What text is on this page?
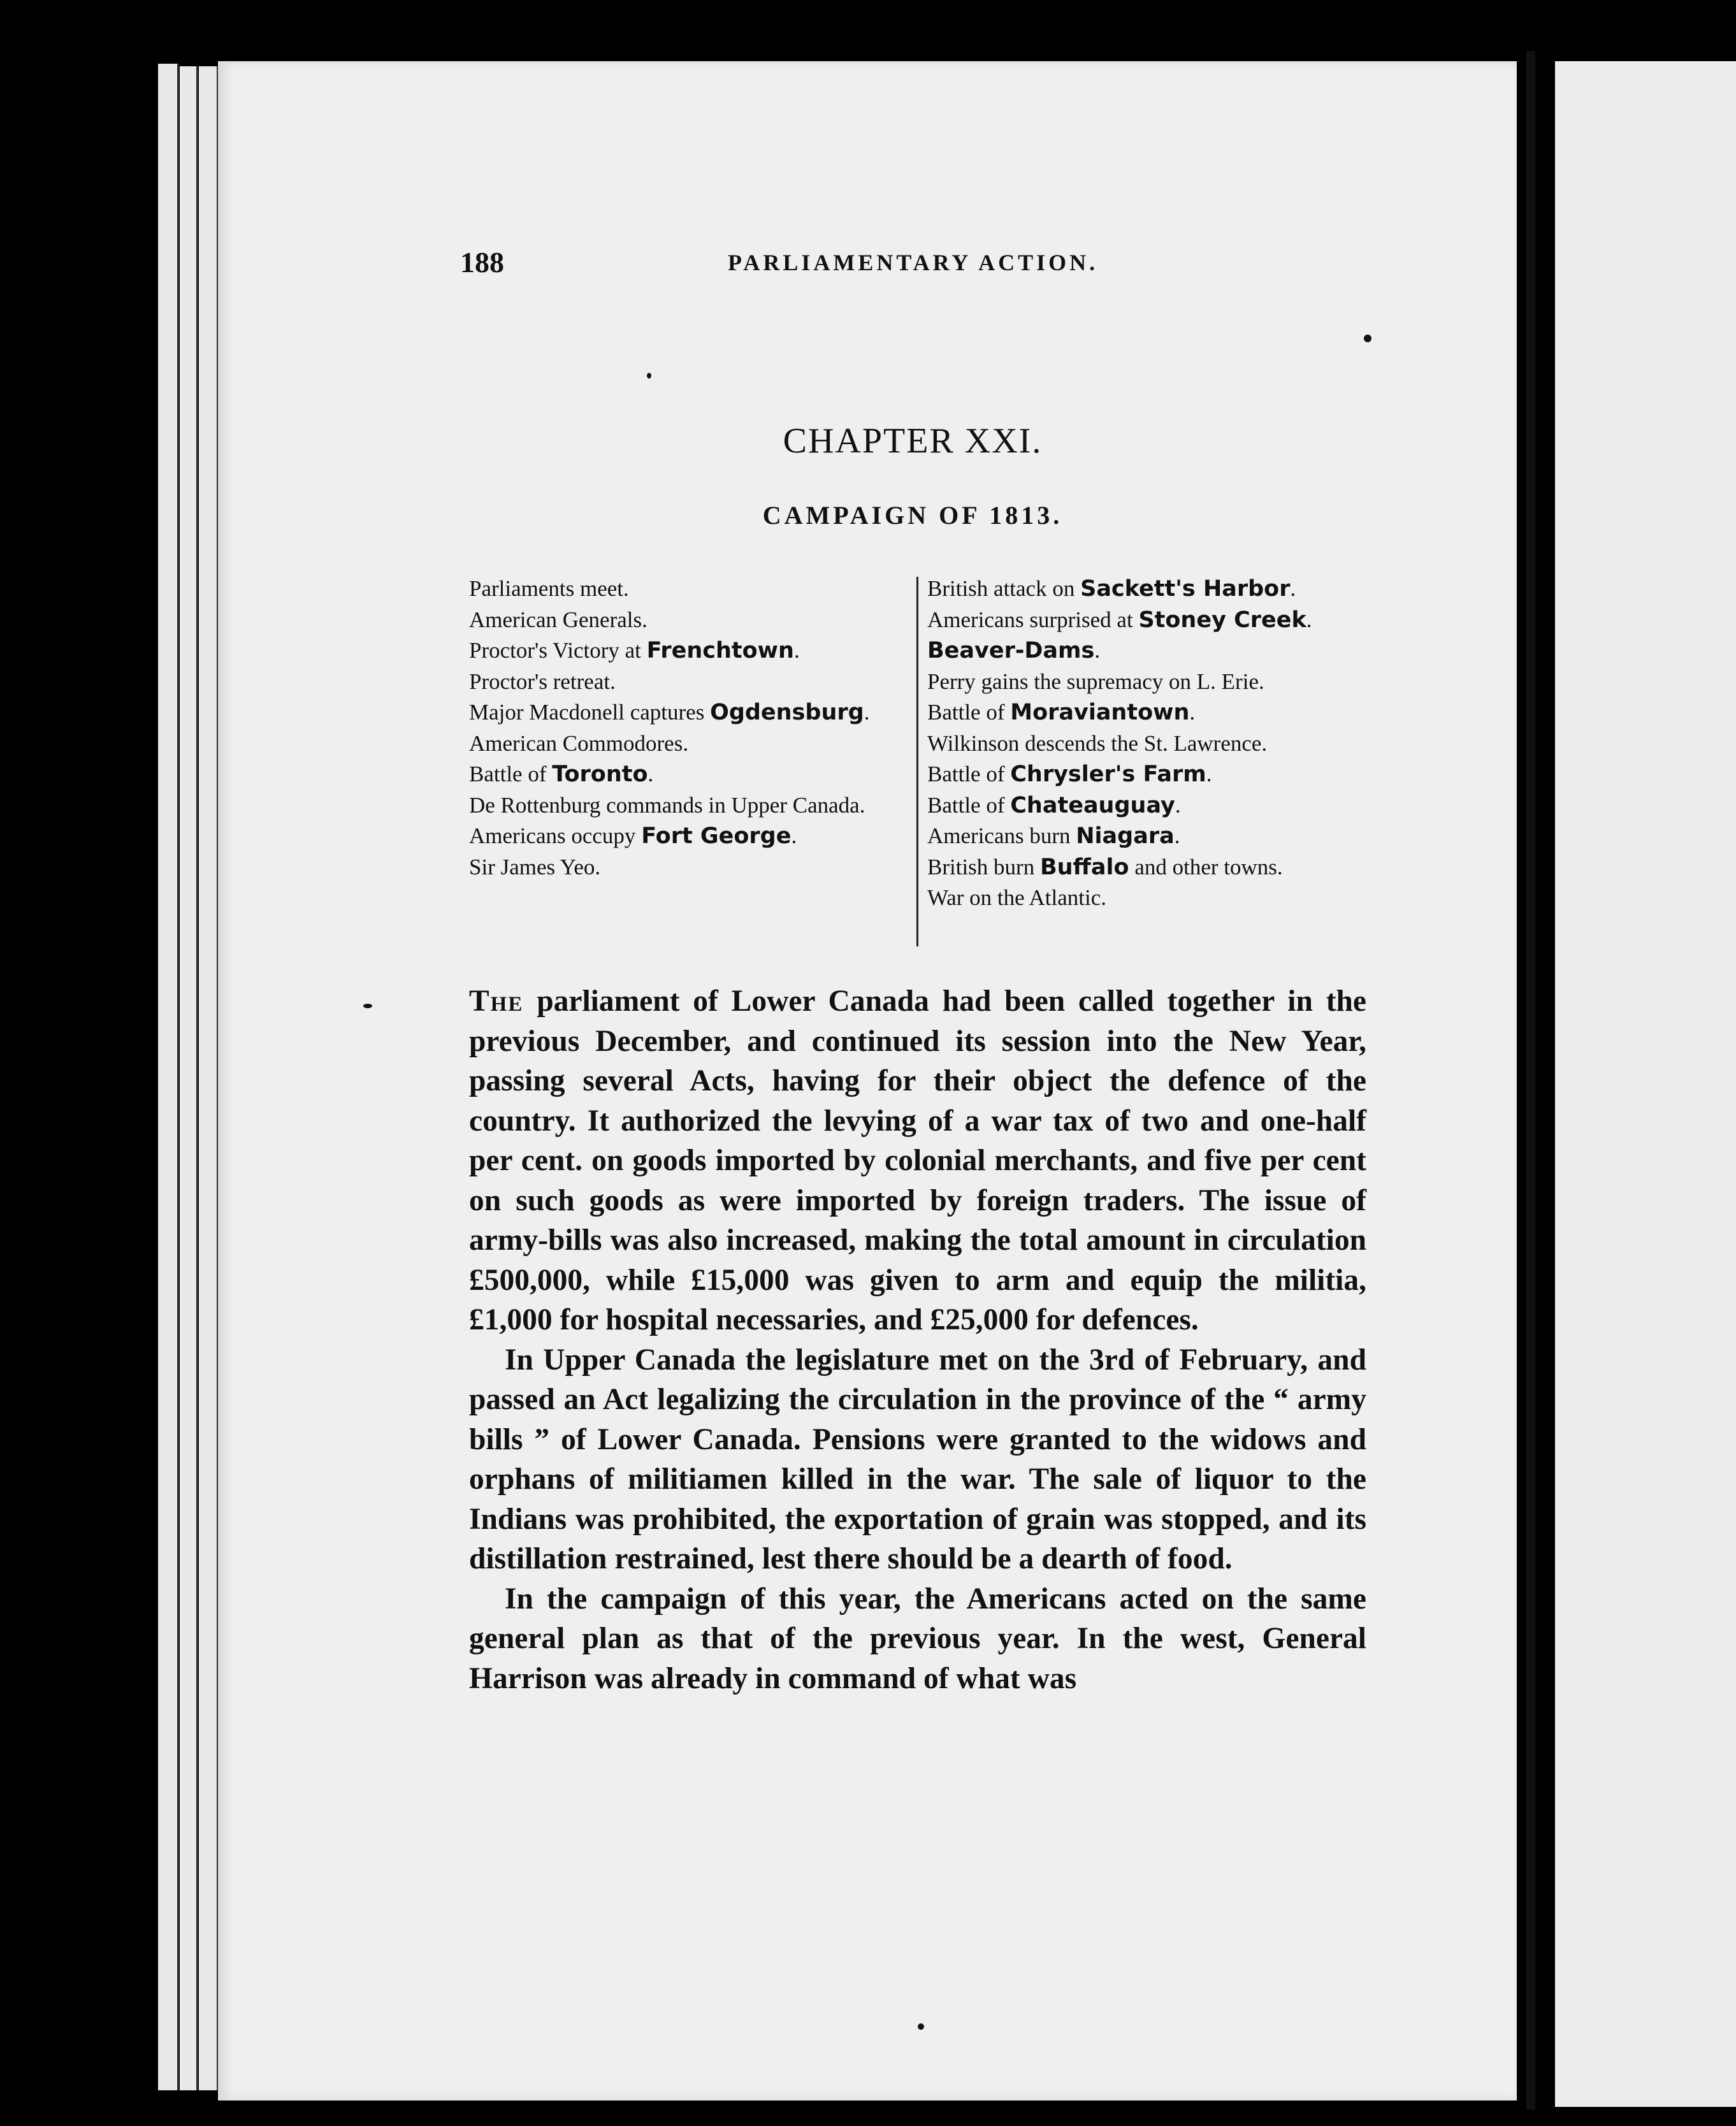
188	PARLIAMENTARY ACTION.
CHAPTER XXI.
CAMPAIGN OF 1813.
Parliaments meet.
American Generals.
Proctor's Victory at Frenchtown.
Proctor's retreat.
Major Macdonell captures Ogdensburg.
American Commodores.
Battle of Toronto.
De Rottenburg commands in Upper Canada.
Americans occupy Fort George.
Sir James Yeo.
British attack on Sackett's Harbor.
Americans surprised at Stoney Creek.
Beaver-Dams.
Perry gains the supremacy on L. Erie.
Battle of Moraviantown.
Wilkinson descends the St. Lawrence.
Battle of Chrysler's Farm.
Battle of Chateauguay.
Americans burn Niagara.
British burn Buffalo and other towns.
War on the Atlantic.

The parliament of Lower Canada had been called together in the previous December, and continued its session into the New Year, passing several Acts, having for their object the defence of the country. It authorized the levying of a war tax of two and one-half per cent. on goods imported by colonial merchants, and five per cent on such goods as were imported by foreign traders. The issue of army-bills was also increased, making the total amount in circulation £500,000, while £15,000 was given to arm and equip the militia, £1,000 for hospital necessaries, and £25,000 for defences.

In Upper Canada the legislature met on the 3rd of February, and passed an Act legalizing the circulation in the province of the “ army bills ” of Lower Canada. Pensions were granted to the widows and orphans of militiamen killed in the war. The sale of liquor to the Indians was prohibited, the exportation of grain was stopped, and its distillation restrained, lest there should be a dearth of food.

In the campaign of this year, the Americans acted on the same general plan as that of the previous year. In the west, General Harrison was already in command of what was
